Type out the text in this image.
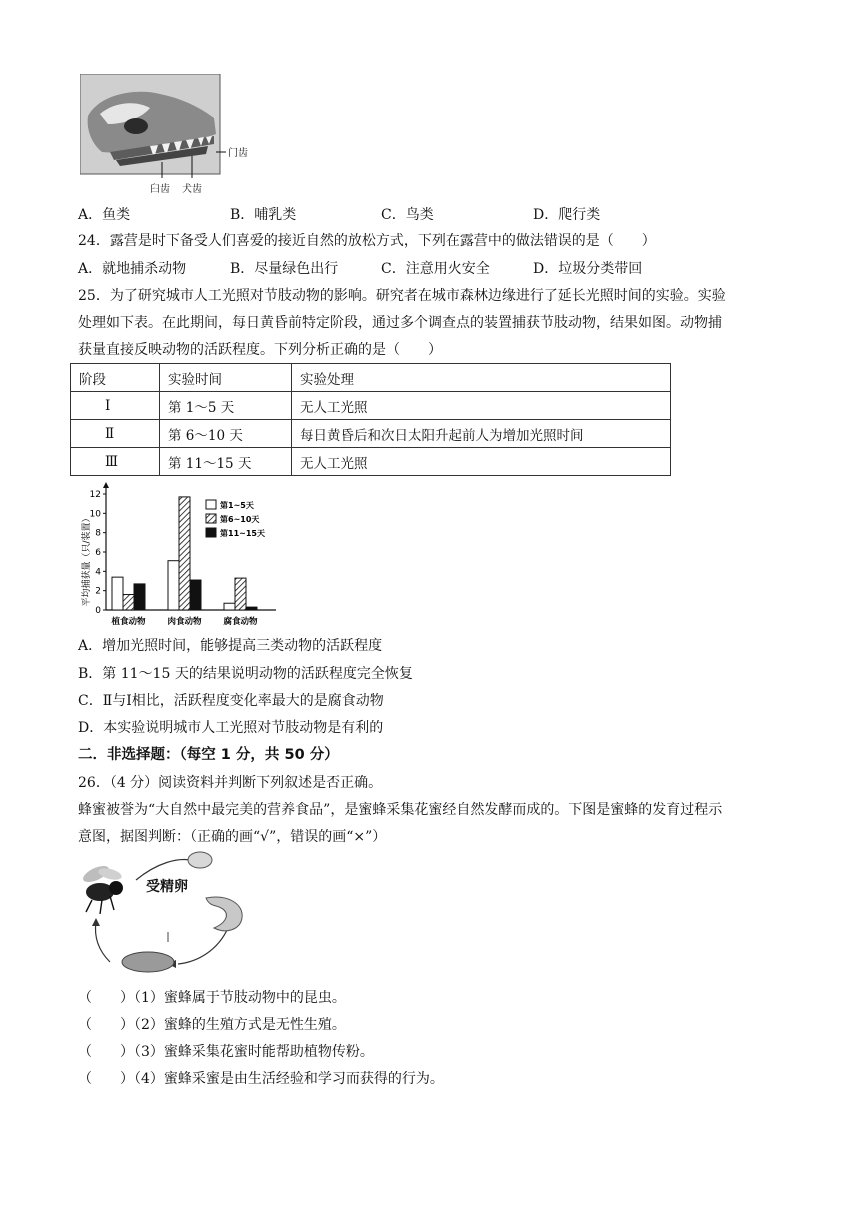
门齿
臼齿 犬齿
A．鱼类	B．哺乳类	C．鸟类	D．爬行类
24．露营是时下备受人们喜爱的接近自然的放松方式，下列在露营中的做法错误的是（　　）
A．就地捕杀动物	B．尽量绿色出行	C．注意用火安全	D．垃圾分类带回
25．为了研究城市人工光照对节肢动物的影响。研究者在城市森林边缘进行了延长光照时间的实验。实验
处理如下表。在此期间，每日黄昏前特定阶段，通过多个调查点的装置捕获节肢动物，结果如图。动物捕
获量直接反映动物的活跃程度。下列分析正确的是（　　）
阶段	实验时间	实验处理
Ⅰ	第 1～5 天	无人工光照
Ⅱ	第 6～10 天	每日黄昏后和次日太阳升起前人为增加光照时间
Ⅲ	第 11～15 天	无人工光照
平均捕获量（只/装置）
0
2
4
6
8
10
12
植食动物	肉食动物	腐食动物
第1~5天
第6~10天
第11~15天
A．增加光照时间，能够提高三类动物的活跃程度
B．第 11～15 天的结果说明动物的活跃程度完全恢复
C．Ⅱ与Ⅰ相比，活跃程度变化率最大的是腐食动物
D．本实验说明城市人工光照对节肢动物是有利的
二．非选择题：（每空 1 分，共 50 分）
26．（4 分）阅读资料并判断下列叙述是否正确。
蜂蜜被誉为“大自然中最完美的营养食品”，是蜜蜂采集花蜜经自然发酵而成的。下图是蜜蜂的发育过程示
意图，据图判断：（正确的画“√”，错误的画“×”）
受精卵
（　　）（1）蜜蜂属于节肢动物中的昆虫。
（　　）（2）蜜蜂的生殖方式是无性生殖。
（　　）（3）蜜蜂采集花蜜时能帮助植物传粉。
（　　）（4）蜜蜂采蜜是由生活经验和学习而获得的行为。
